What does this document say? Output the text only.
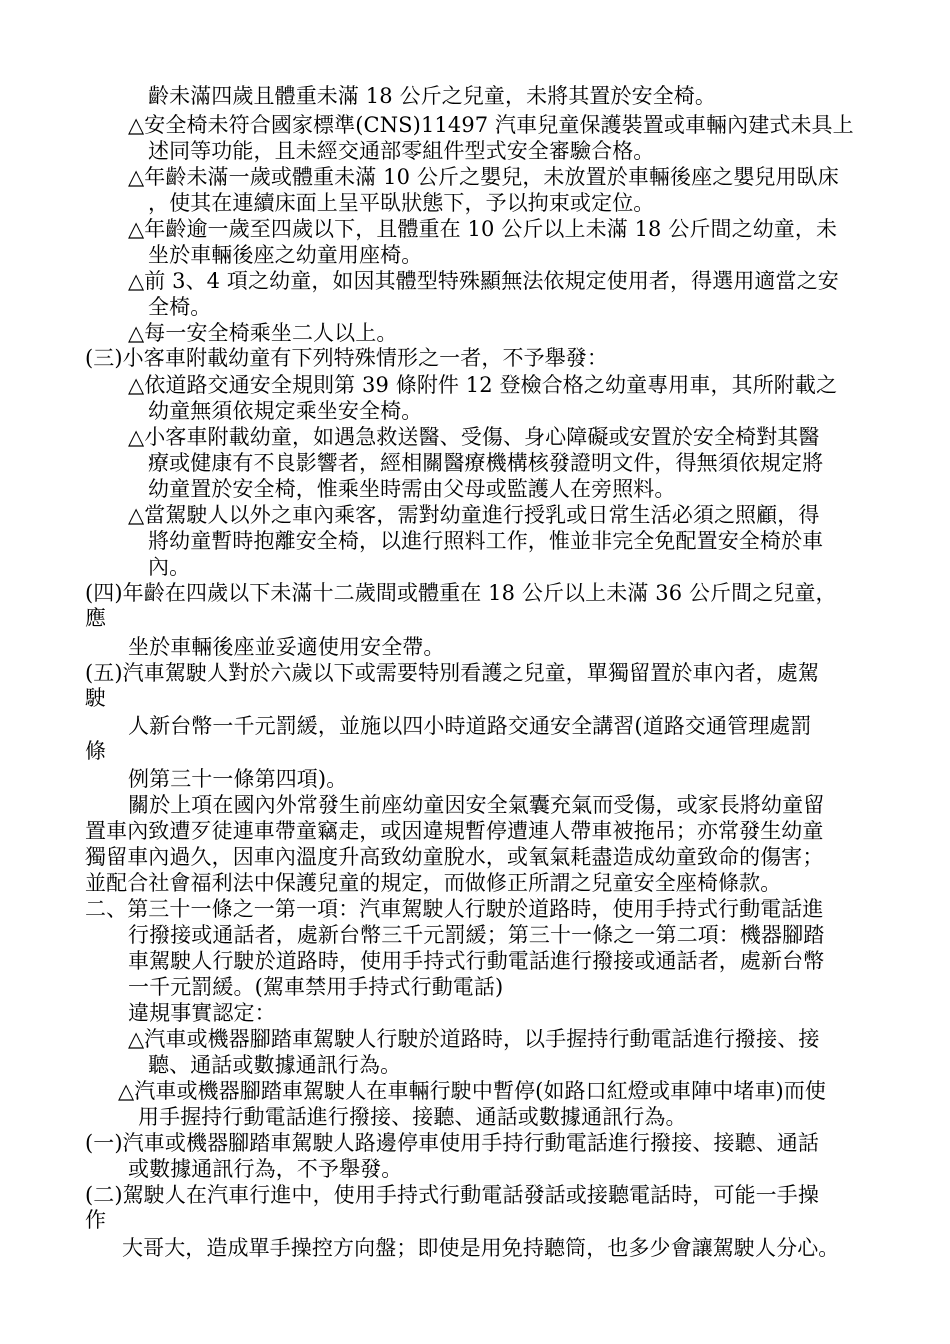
齡未滿四歲且體重未滿 18 公斤之兒童，未將其置於安全椅。
△安全椅未符合國家標準(CNS)11497 汽車兒童保護裝置或車輛內建式未具上
述同等功能，且未經交通部零組件型式安全審驗合格。
△年齡未滿一歲或體重未滿 10 公斤之嬰兒，未放置於車輛後座之嬰兒用臥床
，使其在連續床面上呈平臥狀態下，予以拘束或定位。
△年齡逾一歲至四歲以下，且體重在 10 公斤以上未滿 18 公斤間之幼童，未
坐於車輛後座之幼童用座椅。
△前 3、4 項之幼童，如因其體型特殊顯無法依規定使用者，得選用適當之安
全椅。
△每一安全椅乘坐二人以上。
(三)小客車附載幼童有下列特殊情形之一者，不予舉發：
△依道路交通安全規則第 39 條附件 12 登檢合格之幼童專用車，其所附載之
幼童無須依規定乘坐安全椅。
△小客車附載幼童，如遇急救送醫、受傷、身心障礙或安置於安全椅對其醫
療或健康有不良影響者，經相關醫療機構核發證明文件，得無須依規定將
幼童置於安全椅，惟乘坐時需由父母或監護人在旁照料。
△當駕駛人以外之車內乘客，需對幼童進行授乳或日常生活必須之照顧，得
將幼童暫時抱離安全椅，以進行照料工作，惟並非完全免配置安全椅於車
內。
(四)年齡在四歲以下未滿十二歲間或體重在 18 公斤以上未滿 36 公斤間之兒童，
應
坐於車輛後座並妥適使用安全帶。
(五)汽車駕駛人對於六歲以下或需要特別看護之兒童，單獨留置於車內者，處駕
駛
人新台幣一千元罰緩，並施以四小時道路交通安全講習(道路交通管理處罰
條
例第三十一條第四項)。
關於上項在國內外常發生前座幼童因安全氣囊充氣而受傷，或家長將幼童留
置車內致遭歹徒連車帶童竊走，或因違規暫停遭連人帶車被拖吊；亦常發生幼童
獨留車內過久，因車內溫度升高致幼童脫水，或氧氣耗盡造成幼童致命的傷害；
並配合社會福利法中保護兒童的規定，而做修正所謂之兒童安全座椅條款。
二、第三十一條之一第一項：汽車駕駛人行駛於道路時，使用手持式行動電話進
行撥接或通話者，處新台幣三千元罰緩；第三十一條之一第二項：機器腳踏
車駕駛人行駛於道路時，使用手持式行動電話進行撥接或通話者，處新台幣
一千元罰緩。(駕車禁用手持式行動電話)
違規事實認定：
△汽車或機器腳踏車駕駛人行駛於道路時，以手握持行動電話進行撥接、接
聽、通話或數據通訊行為。
△汽車或機器腳踏車駕駛人在車輛行駛中暫停(如路口紅燈或車陣中堵車)而使
用手握持行動電話進行撥接、接聽、通話或數據通訊行為。
(一)汽車或機器腳踏車駕駛人路邊停車使用手持行動電話進行撥接、接聽、通話
或數據通訊行為，不予舉發。
(二)駕駛人在汽車行進中，使用手持式行動電話發話或接聽電話時，可能一手操
作
大哥大，造成單手操控方向盤；即使是用免持聽筒，也多少會讓駕駛人分心。
